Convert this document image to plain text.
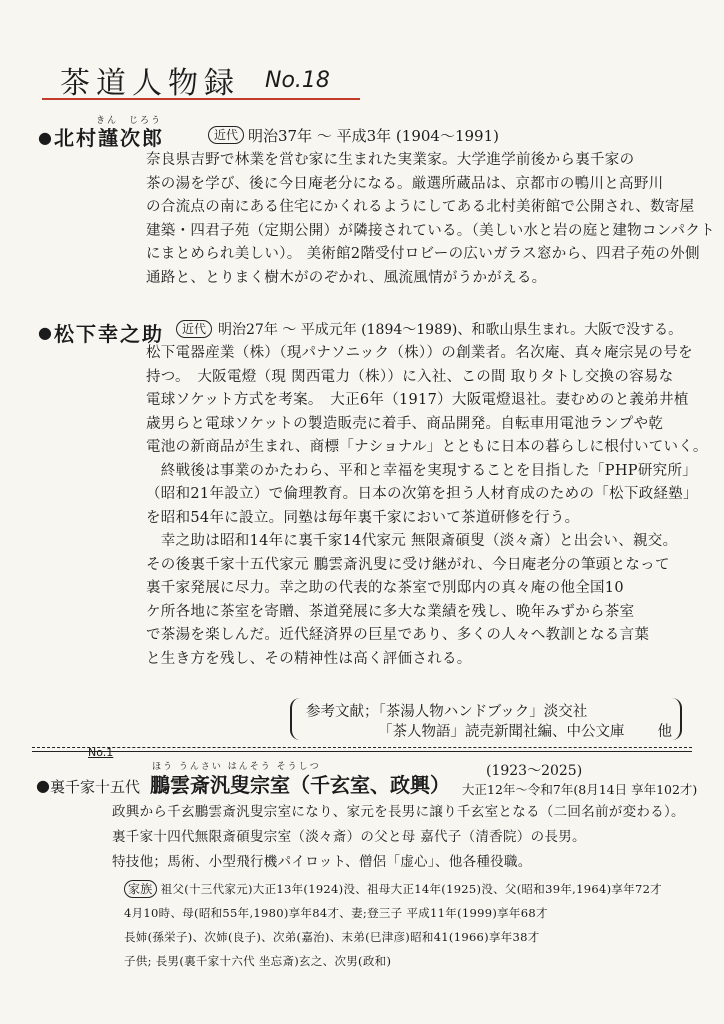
茶道人物録 No.18
●
きん　じろう
北村謹次郎	近代 明治37年 ～ 平成3年 (1904～1991)
奈良県吉野で林業を営む家に生まれた実業家。大学進学前後から裏千家の
茶の湯を学び、後に今日庵老分になる。厳選所蔵品は、京都市の鴨川と高野川
の合流点の南にある住宅にかくれるようにしてある北村美術館で公開され、数寄屋
建築・四君子苑（定期公開）が隣接されている。（美しい水と岩の庭と建物コンパクト
にまとめられ美しい）。 美術館2階受付ロビーの広いガラス窓から、四君子苑の外側
通路と、とりまく樹木がのぞかれ、風流風情がうかがえる。
● 松下幸之助	近代 明治27年 ～ 平成元年 (1894～1989)、和歌山県生まれ。大阪で没する。
松下電器産業（株）（現パナソニック（株））の創業者。名次庵、真々庵宗晃の号を
持つ。　大阪電燈（現 関西電力（株））に入社、この間 取りタトし交換の容易な
電球ソケット方式を考案。　大正6年（1917）大阪電燈退社。妻むめのと義弟井植
歳男らと電球ソケットの製造販売に着手、商品開発。自転車用電池ランプや乾
電池の新商品が生まれ、商標「ナショナル」とともに日本の暮らしに根付いていく。
　終戦後は事業のかたわら、平和と幸福を実現することを目指した「PHP研究所」
（昭和21年設立）で倫理教育。日本の次第を担う人材育成のための「松下政経塾」
を昭和54年に設立。同塾は毎年裏千家において茶道研修を行う。
　幸之助は昭和14年に裏千家14代家元 無限斎碩叟（淡々斎）と出会い、親交。
その後裏千家十五代家元 鵬雲斎汎叟に受け継がれ、今日庵老分の筆頭となって
裏千家発展に尽力。幸之助の代表的な茶室で別邸内の真々庵の他全国10
ケ所各地に茶室を寄贈、茶道発展に多大な業績を残し、晩年みずから茶室
で茶湯を楽しんだ。近代経済界の巨星であり、多くの人々へ教訓となる言葉
と生き方を残し、その精神性は高く評価される。
参考文献；「茶湯人物ハンドブック」淡交社
「茶人物語」読売新聞社編、中公文庫 他
No.1
ほう うんさい はんそう そうしつ
● 裏千家十五代 鵬雲斎汎叟宗室（千玄室、政興）
(1923～2025)
大正12年～令和7年(8月14日 享年102才)
政興から千玄鵬雲斎汎叟宗室になり、家元を長男に譲り千玄室となる（二回名前が変わる）。
裏千家十四代無限斎碩叟宗室（淡々斎）の父と母 嘉代子（清香院）の長男。
特技他；馬術、小型飛行機パイロット、僧侶「虚心」、他各種役職。
家族 祖父(十三代家元)大正13年(1924)没、祖母大正14年(1925)没、父(昭和39年,1964)享年72才
4月10時、母(昭和55年,1980)享年84才、妻;登三子 平成11年(1999)享年68才
長姉(孫栄子)、次姉(良子)、次弟(嘉治)、末弟(巳津彦)昭和41(1966)享年38才
子供; 長男(裏千家十六代 坐忘斎)玄之、次男(政和)
